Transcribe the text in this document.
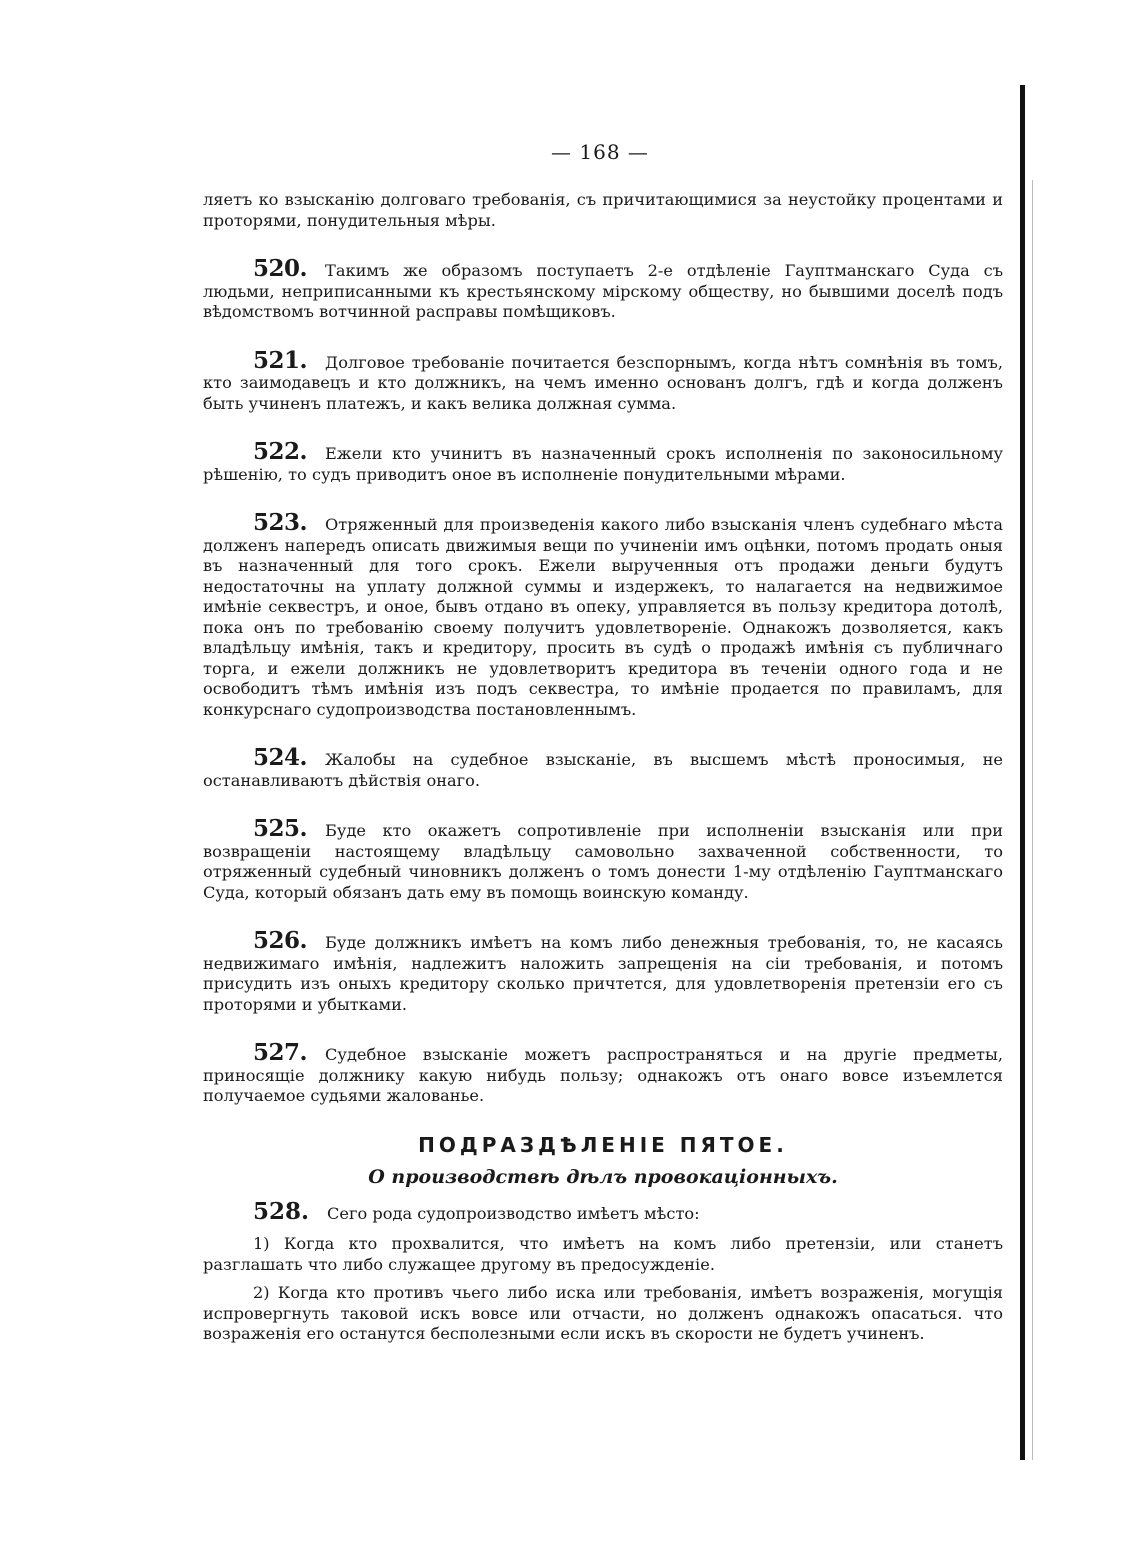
— 168 —

ляетъ ко взысканію долговаго требованія, съ причитающимися за неустойку процентами и проторями, понудительныя мѣры.

520. Такимъ же образомъ поступаетъ 2-е отдѣленіе Гауптманскаго Суда съ людьми, неприписанными къ крестьянскому мірскому обществу, но бывшими доселѣ подъ вѣдомствомъ вотчинной расправы помѣщиковъ.

521. Долговое требованіе почитается безспорнымъ, когда нѣтъ сомнѣнія въ томъ, кто заимодавецъ и кто должникъ, на чемъ именно основанъ долгъ, гдѣ и когда долженъ быть учиненъ платежъ, и какъ велика должная сумма.

522. Ежели кто учинитъ въ назначенный срокъ исполненія по законосильному рѣшенію, то судъ приводитъ оное въ исполненіе понудительными мѣрами.

523. Отряженный для произведенія какого либо взысканія членъ судебнаго мѣста долженъ напередъ описать движимыя вещи по учиненіи имъ оцѣнки, потомъ продать оныя въ назначенный для того срокъ. Ежели вырученныя отъ продажи деньги будутъ недостаточны на уплату должной суммы и издержекъ, то налагается на недвижимое имѣніе секвестръ, и оное, бывъ отдано въ опеку, управляется въ пользу кредитора дотолѣ, пока онъ по требованію своему получитъ удовлетвореніе. Однакожъ дозволяется, какъ владѣльцу имѣнія, такъ и кредитору, просить въ судѣ о продажѣ имѣнія съ публичнаго торга, и ежели должникъ не удовлетворитъ кредитора въ теченіи одного года и не освободитъ тѣмъ имѣнія изъ подъ секвестра, то имѣніе продается по правиламъ, для конкурснаго судопроизводства постановленнымъ.

524. Жалобы на судебное взысканіе, въ высшемъ мѣстѣ проносимыя, не останавливаютъ дѣйствія онаго.

525. Буде кто окажетъ сопротивленіе при исполненіи взысканія или при возвращеніи настоящему владѣльцу самовольно захваченной собственности, то отряженный судебный чиновникъ долженъ о томъ донести 1-му отдѣленію Гауптманскаго Суда, который обязанъ дать ему въ помощь воинскую команду.

526. Буде должникъ имѣетъ на комъ либо денежныя требованія, то, не касаясь недвижимаго имѣнія, надлежитъ наложить запрещенія на сіи требованія, и потомъ присудить изъ оныхъ кредитору сколько причтется, для удовлетворенія претензіи его съ проторями и убытками.

527. Судебное взысканіе можетъ распространяться и на другіе предметы, приносящіе должнику какую нибудь пользу; однакожъ отъ онаго вовсе изъемлется получаемое судьями жалованье.

ПОДРАЗДѢЛЕНІЕ ПЯТОЕ.
О производствѣ дѣлъ провокаціонныхъ.

528. Сего рода судопроизводство имѣетъ мѣсто:

1) Когда кто прохвалится, что имѣетъ на комъ либо претензіи, или станетъ разглашать что либо служащее другому въ предосужденіе.

2) Когда кто противъ чьего либо иска или требованія, имѣетъ возраженія, могущія испровергнуть таковой искъ вовсе или отчасти, но долженъ однакожъ опасаться. что возраженія его останутся бесполезными если искъ въ скорости не будетъ учиненъ.
